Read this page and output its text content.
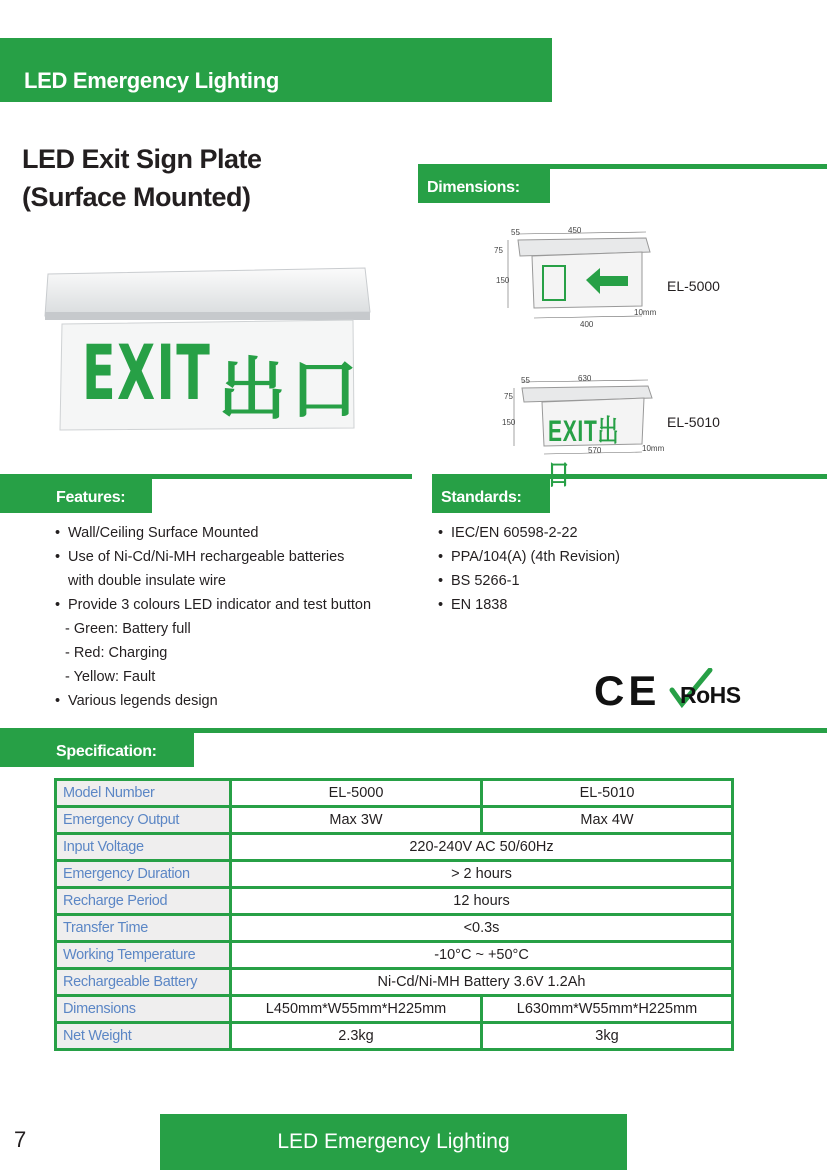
LED Emergency Lighting
LED Exit Sign Plate
(Surface Mounted)
EXIT 出口
Dimensions:
55	450
75
150
400
10mm
EL-5000
EXIT出口
55	630
75
150
570	10mm
EL-5010
Features:
• Wall/Ceiling Surface Mounted
• Use of Ni-Cd/Ni-MH rechargeable batteries
with double insulate wire
• Provide 3 colours LED indicator and test button
- Green: Battery full
- Red: Charging
- Yellow: Fault
• Various legends design
Standards:
• IEC/EN 60598-2-22
• PPA/104(A) (4th Revision)
• BS 5266-1
• EN 1838
CE RoHS
Specification:
Model Number	EL-5000	EL-5010
Emergency Output	Max 3W	Max 4W
Input Voltage	220-240V AC 50/60Hz	
Emergency Duration	> 2 hours	
Recharge Period	12 hours	
Transfer Time	<0.3s	
Working Temperature	-10°C ~ +50°C	
Rechargeable Battery	Ni-Cd/Ni-MH Battery 3.6V 1.2Ah	
Dimensions	L450mm*W55mm*H225mm	L630mm*W55mm*H225mm
Net Weight	2.3kg	3kg
7	LED Emergency Lighting
